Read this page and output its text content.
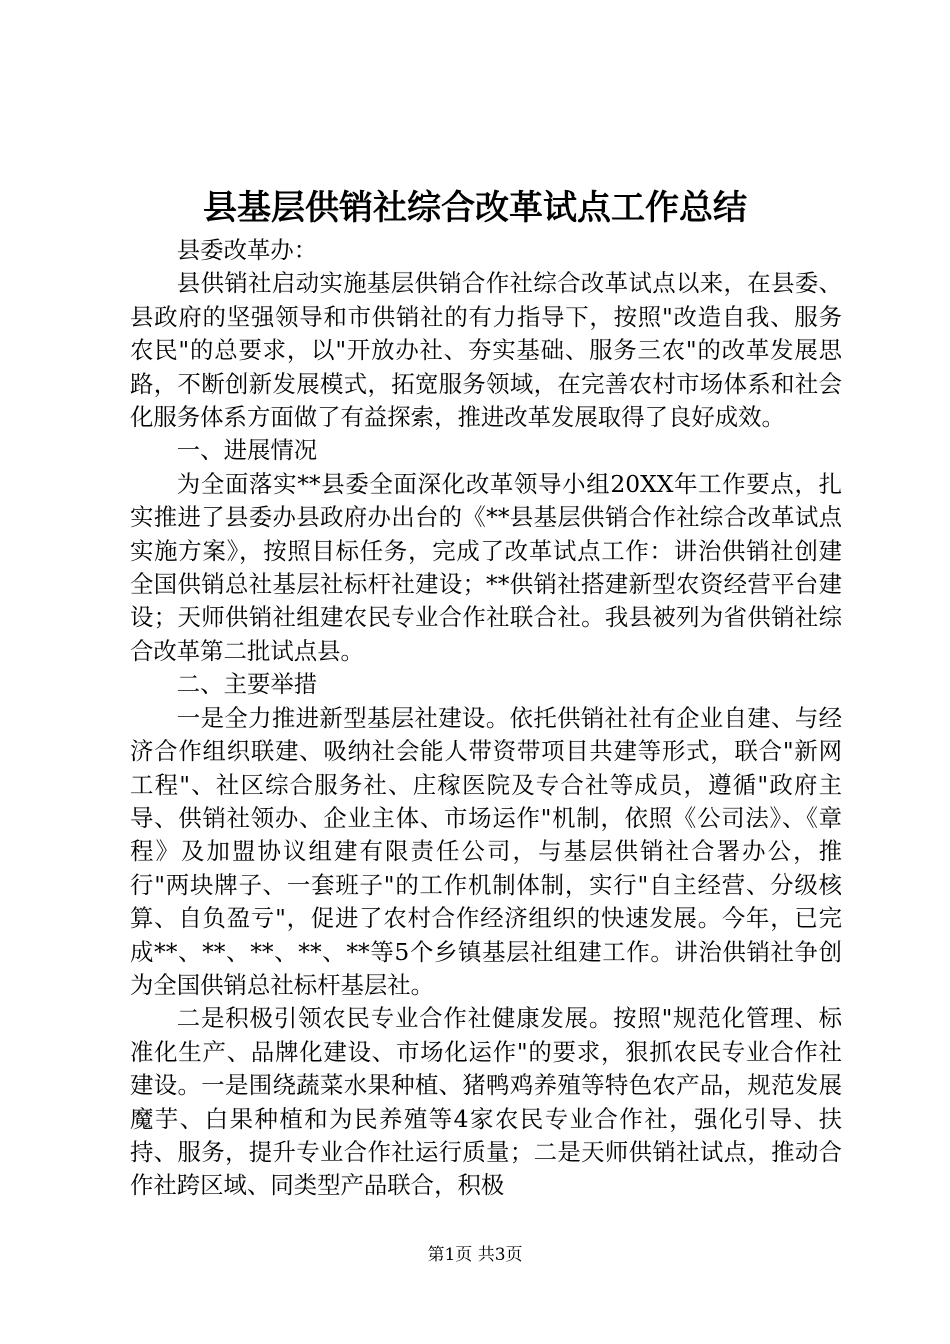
县基层供销社综合改革试点工作总结

县委改革办：

县供销社启动实施基层供销合作社综合改革试点以来，在县委、县政府的坚强领导和市供销社的有力指导下，按照"改造自我、服务农民"的总要求，以"开放办社、夯实基础、服务三农"的改革发展思路，不断创新发展模式，拓宽服务领域，在完善农村市场体系和社会化服务体系方面做了有益探索，推进改革发展取得了良好成效。

一、进展情况

为全面落实**县委全面深化改革领导小组20XX年工作要点，扎实推进了县委办县政府办出台的《**县基层供销合作社综合改革试点实施方案》，按照目标任务，完成了改革试点工作：讲治供销社创建全国供销总社基层社标杆社建设；**供销社搭建新型农资经营平台建设；天师供销社组建农民专业合作社联合社。我县被列为省供销社综合改革第二批试点县。

二、主要举措

一是全力推进新型基层社建设。依托供销社社有企业自建、与经济合作组织联建、吸纳社会能人带资带项目共建等形式，联合"新网工程"、社区综合服务社、庄稼医院及专合社等成员，遵循"政府主导、供销社领办、企业主体、市场运作"机制，依照《公司法》、《章程》及加盟协议组建有限责任公司，与基层供销社合署办公，推行"两块牌子、一套班子"的工作机制体制，实行"自主经营、分级核算、自负盈亏"，促进了农村合作经济组织的快速发展。今年，已完成**、**、**、**、**等5个乡镇基层社组建工作。讲治供销社争创为全国供销总社标杆基层社。

二是积极引领农民专业合作社健康发展。按照"规范化管理、标准化生产、品牌化建设、市场化运作"的要求，狠抓农民专业合作社建设。一是围绕蔬菜水果种植、猪鸭鸡养殖等特色农产品，规范发展魔芋、白果种植和为民养殖等4家农民专业合作社，强化引导、扶持、服务，提升专业合作社运行质量；二是天师供销社试点，推动合作社跨区域、同类型产品联合，积极

第1页 共3页
